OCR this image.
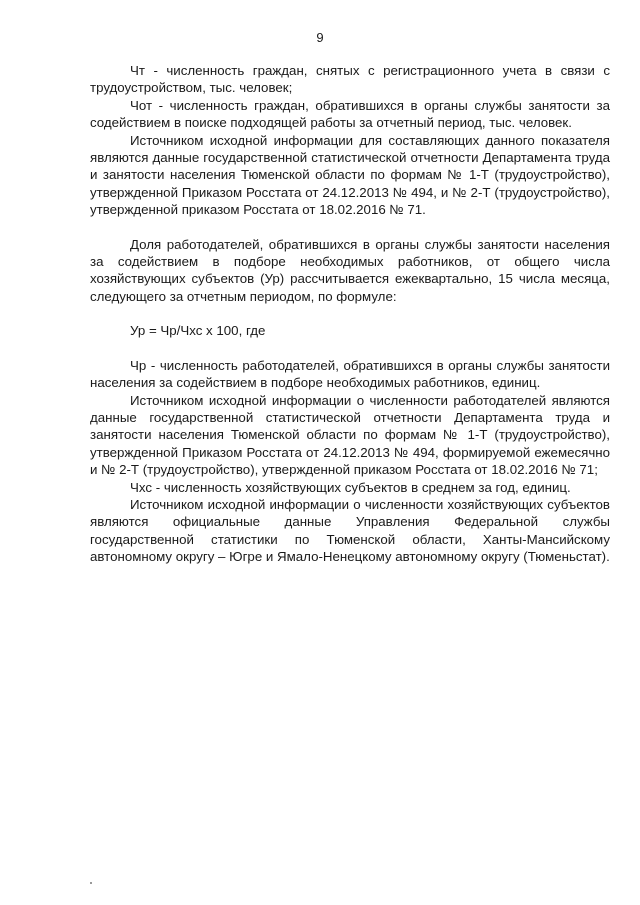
9

Чт - численность граждан, снятых с регистрационного учета в связи с трудоустройством, тыс. человек;

Чот - численность граждан, обратившихся в органы службы занятости за содействием в поиске подходящей работы за отчетный период, тыс. человек.

Источником исходной информации для составляющих данного показателя являются данные государственной статистической отчетности Департамента труда и занятости населения Тюменской области по формам № 1-Т (трудоустройство), утвержденной Приказом Росстата от 24.12.2013 № 494, и № 2-Т (трудоустройство), утвержденной приказом Росстата от 18.02.2016 № 71.

Доля работодателей, обратившихся в органы службы занятости населения за содействием в подборе необходимых работников, от общего числа хозяйствующих субъектов (Ур) рассчитывается ежеквартально, 15 числа месяца, следующего за отчетным периодом, по формуле:

Ур = Чр/Чхс х 100, где

Чр - численность работодателей, обратившихся в органы службы занятости населения за содействием в подборе необходимых работников, единиц.

Источником исходной информации о численности работодателей являются данные государственной статистической отчетности Департамента труда и занятости населения Тюменской области по формам № 1-Т (трудоустройство), утвержденной Приказом Росстата от 24.12.2013 № 494, формируемой ежемесячно и № 2-Т (трудоустройство), утвержденной приказом Росстата от 18.02.2016 № 71;

Чхс - численность хозяйствующих субъектов в среднем за год, единиц.

Источником исходной информации о численности хозяйствующих субъектов являются официальные данные Управления Федеральной службы государственной статистики по Тюменской области, Ханты-Мансийскому автономному округу – Югре и Ямало-Ненецкому автономному округу (Тюменьстат).
